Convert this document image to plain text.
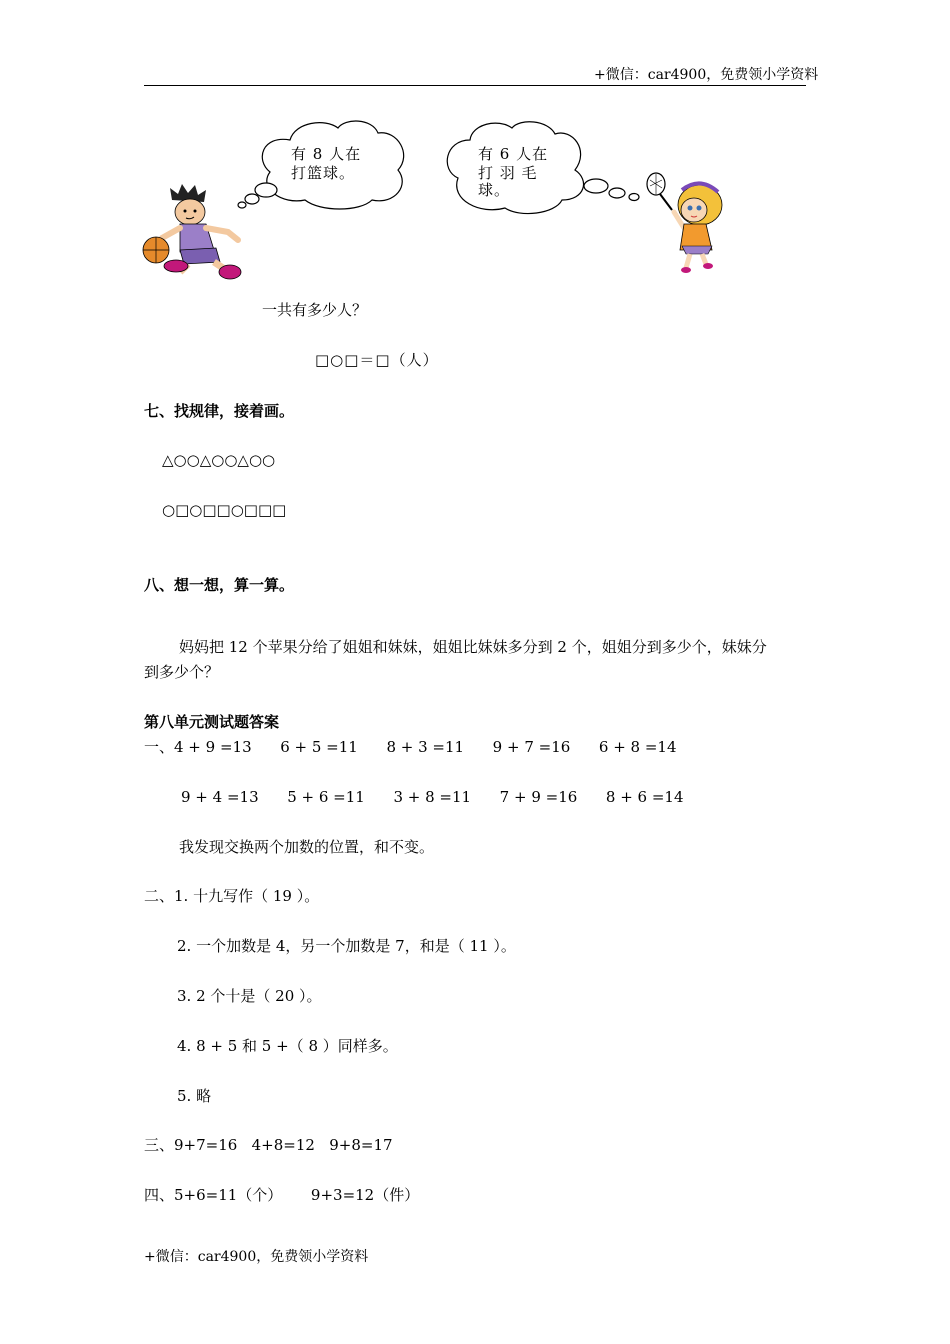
+微信：car4900，免费领小学资料
有 8 人在
打篮球。
有 6 人在
打 羽 毛
球。
一共有多少人？
□○□＝□（人）
七、找规律，接着画。
△○○△○○△○○
○□○□□○□□□
八、想一想，算一算。
妈妈把 12 个苹果分给了姐姐和妹妹，姐姐比妹妹多分到 2 个，姐姐分到多少个，妹妹分
到多少个？
第八单元测试题答案
一、4 + 9 =13      6 + 5 =11      8 + 3 =11      9 + 7 =16      6 + 8 =14
9 + 4 =13      5 + 6 =11      3 + 8 =11      7 + 9 =16      8 + 6 =14
我发现交换两个加数的位置，和不变。
二、1. 十九写作（ 19 ）。
2. 一个加数是 4，另一个加数是 7，和是（ 11 ）。
3. 2 个十是（ 20 ）。
4. 8 + 5 和 5 +（ 8 ）同样多。
5. 略
三、9+7=16   4+8=12   9+8=17
四、5+6=11（个）      9+3=12（件）
+微信：car4900，免费领小学资料
